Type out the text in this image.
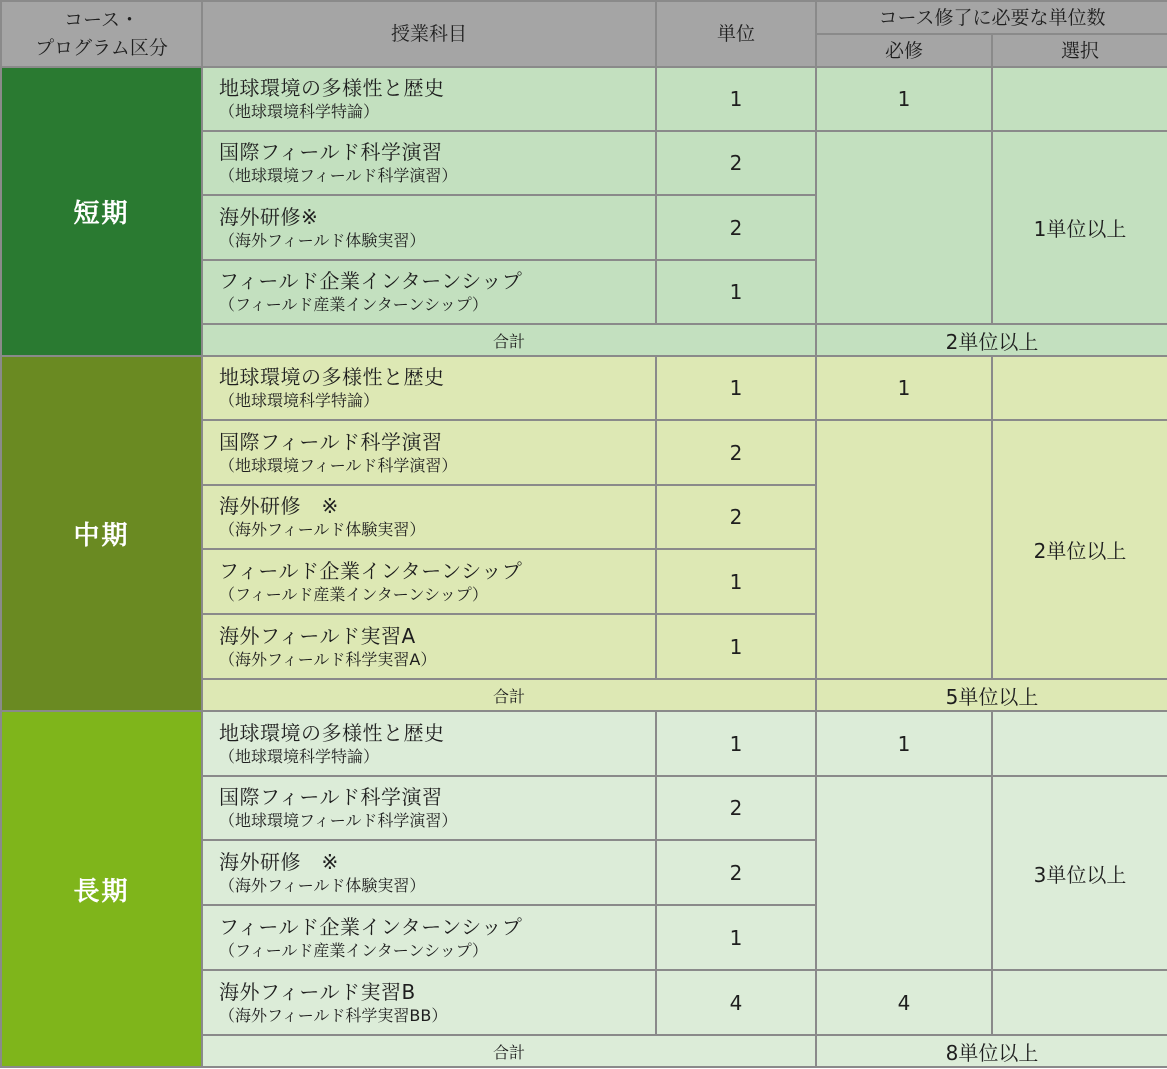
コース・
プログラム区分	授業科目	単位	コース修了に必要な単位数	
			必修	選択
短期	地球環境の多様性と歴史
（地球環境科学特論）	1	1	

	国際フィールド科学演習
（地球環境フィールド科学演習）	2		1単位以上

	海外研修※
（海外フィールド体験実習）	2		

	フィールド企業インターンシップ
（フィールド産業インターンシップ）	1		
	合計		2単位以上	
中期	地球環境の多様性と歴史
（地球環境科学特論）	1	1	

	国際フィールド科学演習
（地球環境フィールド科学演習）	2		2単位以上

	海外研修　※
（海外フィールド体験実習）	2		

	フィールド企業インターンシップ
（フィールド産業インターンシップ）	1		

	海外フィールド実習A
（海外フィールド科学実習A）	1		
	合計		5単位以上	
長期	地球環境の多様性と歴史
（地球環境科学特論）	1	1	

	国際フィールド科学演習
（地球環境フィールド科学演習）	2		3単位以上

	海外研修　※
（海外フィールド体験実習）	2		

	フィールド企業インターンシップ
（フィールド産業インターンシップ）	1		

	海外フィールド実習B
（海外フィールド科学実習BB）	4	4	
	合計		8単位以上	
